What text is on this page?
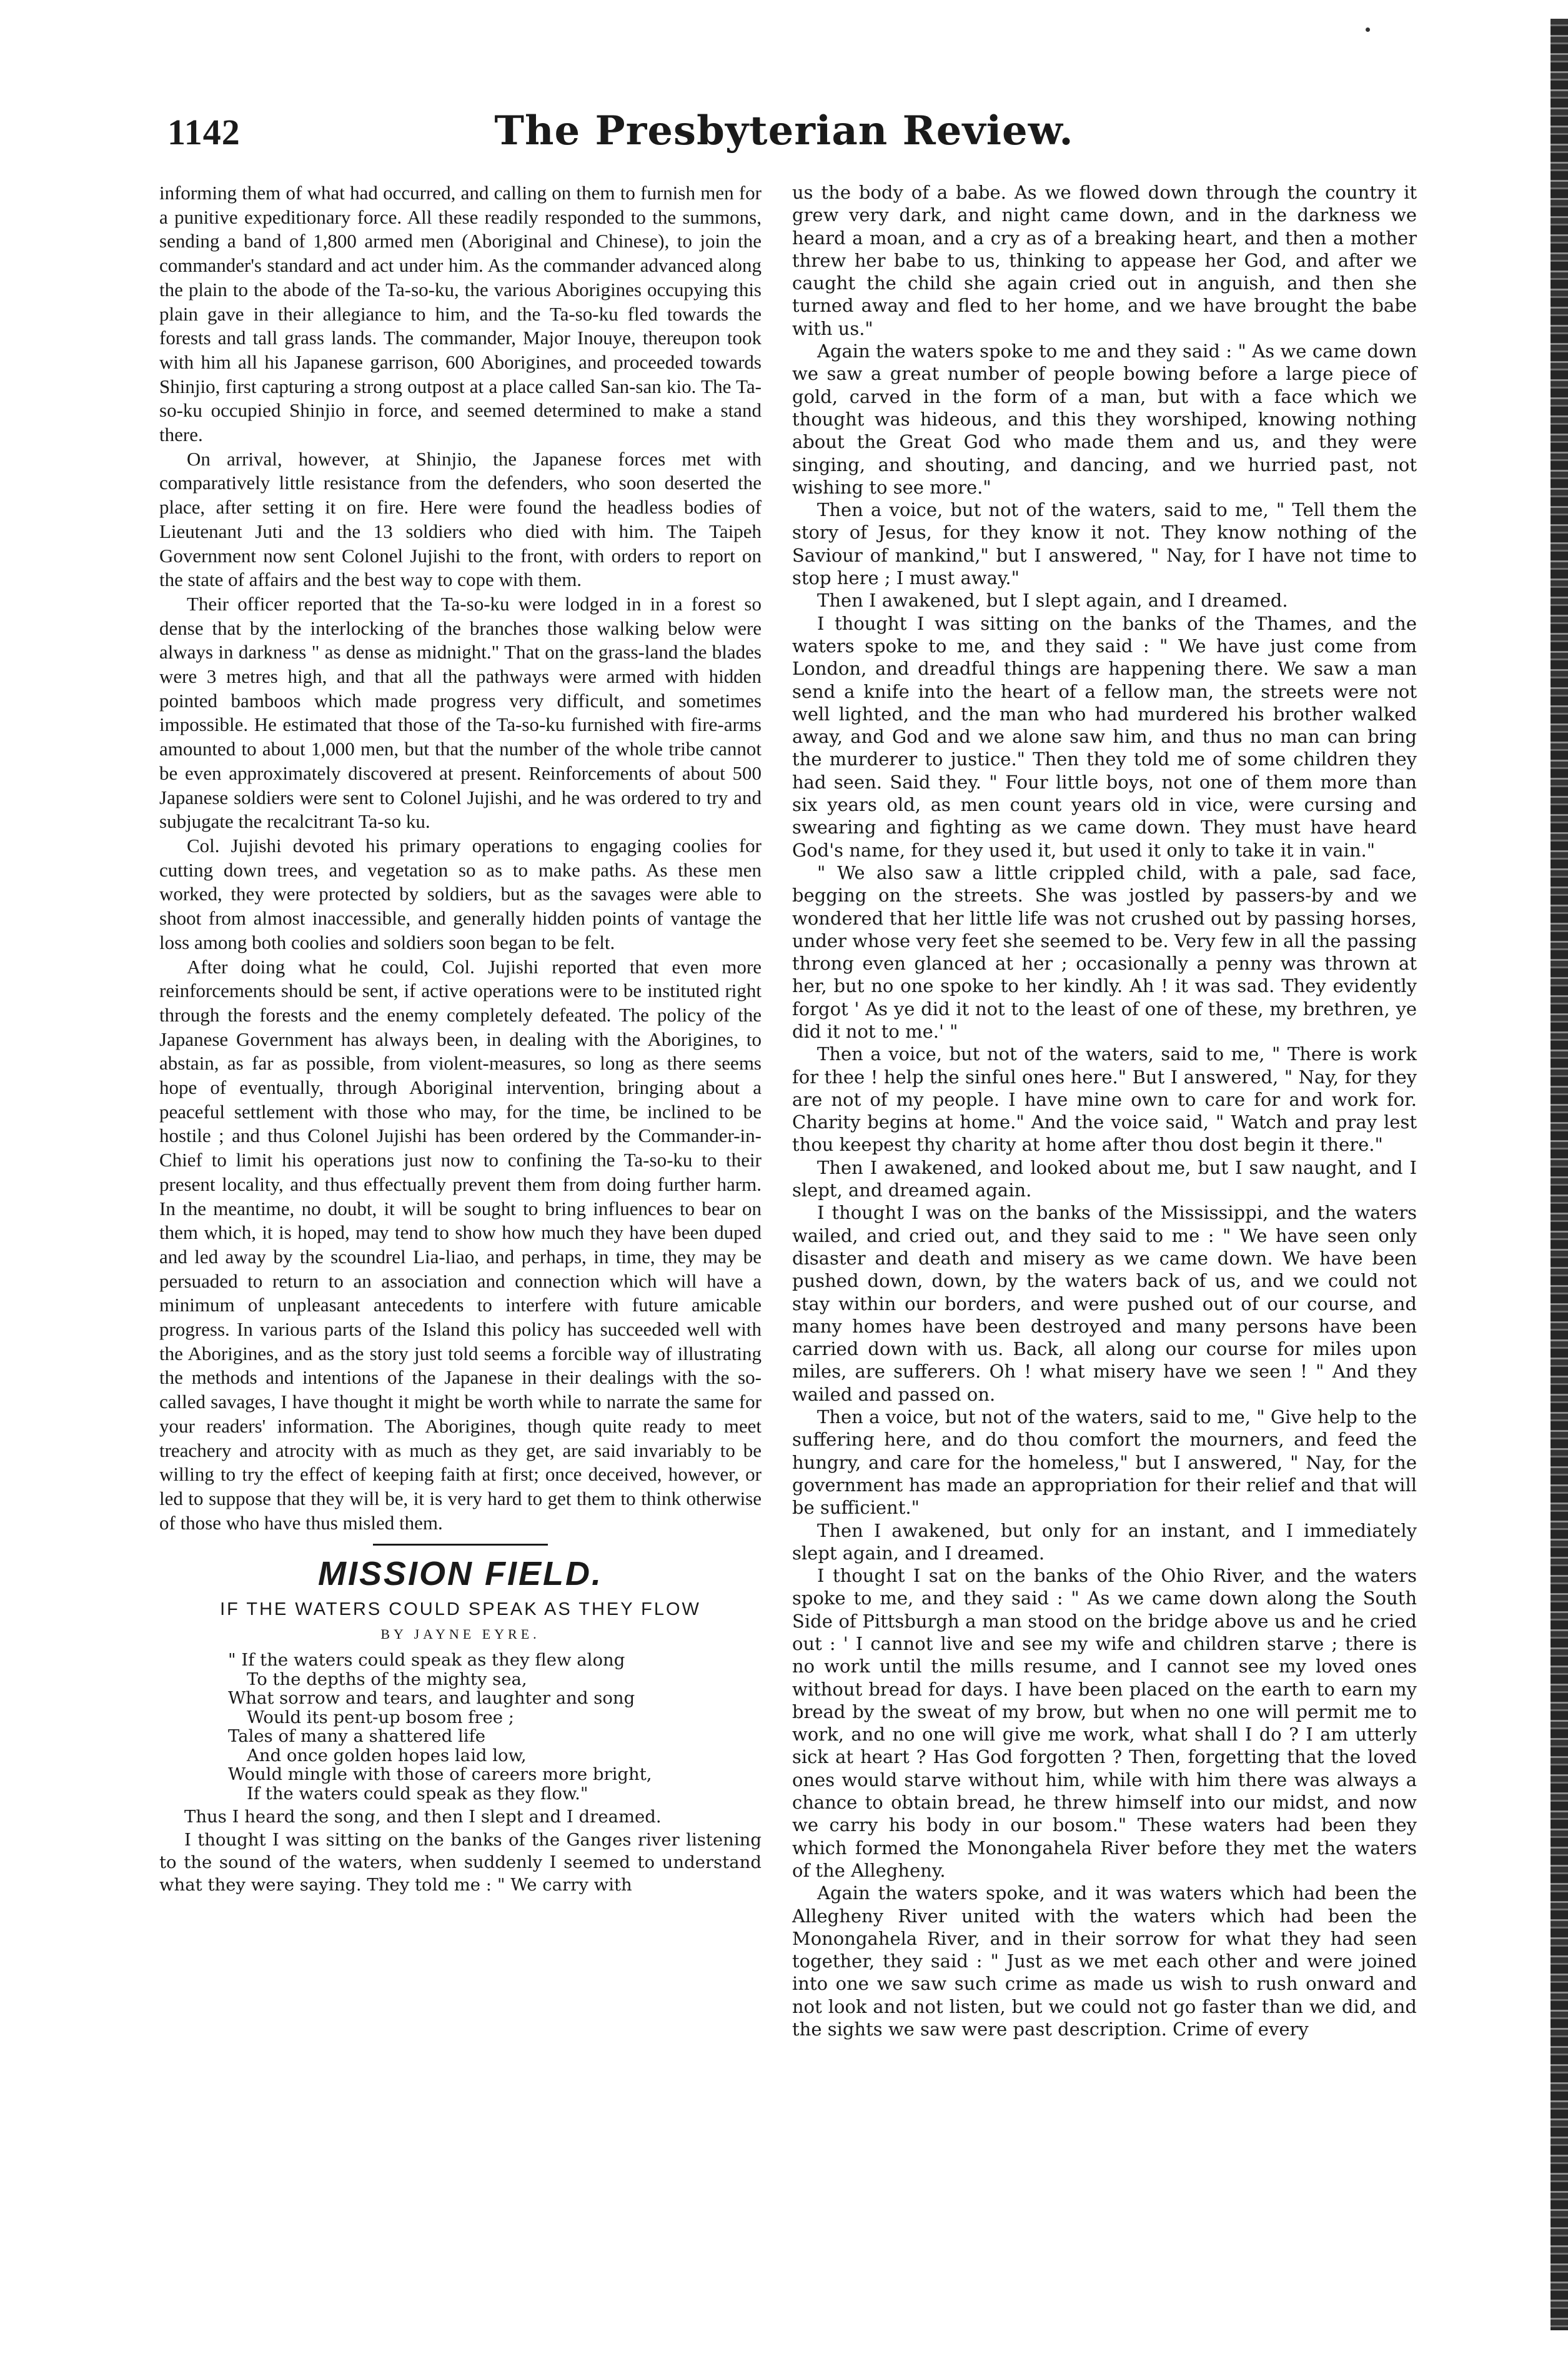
1142	The Presbyterian Review.

informing them of what had occurred, and calling on them to furnish men for a punitive expeditionary force. All these readily responded to the summons, sending a band of 1,800 armed men (Aboriginal and Chinese), to join the commander's standard and act under him. As the commander advanced along the plain to the abode of the Ta-so-ku, the various Aborigines occupying this plain gave in their allegiance to him, and the Ta-so-ku fled towards the forests and tall grass lands. The commander, Major Inouye, thereupon took with him all his Japanese garrison, 600 Aborigines, and proceeded towards Shinjio, first capturing a strong outpost at a place called San-san kio. The Ta-so-ku occupied Shinjio in force, and seemed determined to make a stand there.

On arrival, however, at Shinjio, the Japanese forces met with comparatively little resistance from the defenders, who soon deserted the place, after setting it on fire. Here were found the headless bodies of Lieutenant Juti and the 13 soldiers who died with him. The Taipeh Government now sent Colonel Jujishi to the front, with orders to report on the state of affairs and the best way to cope with them.

Their officer reported that the Ta-so-ku were lodged in in a forest so dense that by the interlocking of the branches those walking below were always in darkness " as dense as midnight." That on the grass-land the blades were 3 metres high, and that all the pathways were armed with hidden pointed bamboos which made progress very difficult, and sometimes impossible. He estimated that those of the Ta-so-ku furnished with fire-arms amounted to about 1,000 men, but that the number of the whole tribe cannot be even approximately discovered at present. Reinforcements of about 500 Japanese soldiers were sent to Colonel Jujishi, and he was ordered to try and subjugate the recalcitrant Ta-so ku.

Col. Jujishi devoted his primary operations to engaging coolies for cutting down trees, and vegetation so as to make paths. As these men worked, they were protected by soldiers, but as the savages were able to shoot from almost inaccessible, and generally hidden points of vantage the loss among both coolies and soldiers soon began to be felt.

After doing what he could, Col. Jujishi reported that even more reinforcements should be sent, if active operations were to be instituted right through the forests and the enemy completely defeated. The policy of the Japanese Government has always been, in dealing with the Aborigines, to abstain, as far as possible, from violent-measures, so long as there seems hope of eventually, through Aboriginal intervention, bringing about a peaceful settlement with those who may, for the time, be inclined to be hostile ; and thus Colonel Jujishi has been ordered by the Commander-in-Chief to limit his operations just now to confining the Ta-so-ku to their present locality, and thus effectually prevent them from doing further harm. In the meantime, no doubt, it will be sought to bring influences to bear on them which, it is hoped, may tend to show how much they have been duped and led away by the scoundrel Lia-liao, and perhaps, in time, they may be persuaded to return to an association and connection which will have a minimum of unpleasant antecedents to interfere with future amicable progress. In various parts of the Island this policy has succeeded well with the Aborigines, and as the story just told seems a forcible way of illustrating the methods and intentions of the Japanese in their dealings with the so-called savages, I have thought it might be worth while to narrate the same for your readers' information. The Aborigines, though quite ready to meet treachery and atrocity with as much as they get, are said invariably to be willing to try the effect of keeping faith at first; once deceived, however, or led to suppose that they will be, it is very hard to get them to think otherwise of those who have thus misled them.

MISSION FIELD.
IF THE WATERS COULD SPEAK AS THEY FLOW
BY JAYNE EYRE.
" If the waters could speak as they flew along
To the depths of the mighty sea,
What sorrow and tears, and laughter and song
Would its pent-up bosom free ;
Tales of many a shattered life
And once golden hopes laid low,
Would mingle with those of careers more bright,
If the waters could speak as they flow."

Thus I heard the song, and then I slept and I dreamed.

I thought I was sitting on the banks of the Ganges river listening to the sound of the waters, when suddenly I seemed to understand what they were saying. They told me : " We carry with

us the body of a babe. As we flowed down through the country it grew very dark, and night came down, and in the darkness we heard a moan, and a cry as of a breaking heart, and then a mother threw her babe to us, thinking to appease her God, and after we caught the child she again cried out in anguish, and then she turned away and fled to her home, and we have brought the babe with us."

Again the waters spoke to me and they said : " As we came down we saw a great number of people bowing before a large piece of gold, carved in the form of a man, but with a face which we thought was hideous, and this they worshiped, knowing nothing about the Great God who made them and us, and they were singing, and shouting, and dancing, and we hurried past, not wishing to see more."

Then a voice, but not of the waters, said to me, " Tell them the story of Jesus, for they know it not. They know nothing of the Saviour of mankind," but I answered, " Nay, for I have not time to stop here ; I must away."

Then I awakened, but I slept again, and I dreamed.

I thought I was sitting on the banks of the Thames, and the waters spoke to me, and they said : " We have just come from London, and dreadful things are happening there. We saw a man send a knife into the heart of a fellow man, the streets were not well lighted, and the man who had murdered his brother walked away, and God and we alone saw him, and thus no man can bring the murderer to justice." Then they told me of some children they had seen. Said they. " Four little boys, not one of them more than six years old, as men count years old in vice, were cursing and swearing and fighting as we came down. They must have heard God's name, for they used it, but used it only to take it in vain."

" We also saw a little crippled child, with a pale, sad face, begging on the streets. She was jostled by passers-by and we wondered that her little life was not crushed out by passing horses, under whose very feet she seemed to be. Very few in all the passing throng even glanced at her ; occasionally a penny was thrown at her, but no one spoke to her kindly. Ah ! it was sad. They evidently forgot ' As ye did it not to the least of one of these, my brethren, ye did it not to me.' "

Then a voice, but not of the waters, said to me, " There is work for thee ! help the sinful ones here." But I answered, " Nay, for they are not of my people. I have mine own to care for and work for. Charity begins at home." And the voice said, " Watch and pray lest thou keepest thy charity at home after thou dost begin it there."

Then I awakened, and looked about me, but I saw naught, and I slept, and dreamed again.

I thought I was on the banks of the Mississippi, and the waters wailed, and cried out, and they said to me : " We have seen only disaster and death and misery as we came down. We have been pushed down, down, by the waters back of us, and we could not stay within our borders, and were pushed out of our course, and many homes have been destroyed and many persons have been carried down with us. Back, all along our course for miles upon miles, are sufferers. Oh ! what misery have we seen ! " And they wailed and passed on.

Then a voice, but not of the waters, said to me, " Give help to the suffering here, and do thou comfort the mourners, and feed the hungry, and care for the homeless," but I answered, " Nay, for the government has made an appropriation for their relief and that will be sufficient."

Then I awakened, but only for an instant, and I immediately slept again, and I dreamed.

I thought I sat on the banks of the Ohio River, and the waters spoke to me, and they said : " As we came down along the South Side of Pittsburgh a man stood on the bridge above us and he cried out : ' I cannot live and see my wife and children starve ; there is no work until the mills resume, and I cannot see my loved ones without bread for days. I have been placed on the earth to earn my bread by the sweat of my brow, but when no one will permit me to work, and no one will give me work, what shall I do ? I am utterly sick at heart ? Has God forgotten ? Then, forgetting that the loved ones would starve without him, while with him there was always a chance to obtain bread, he threw himself into our midst, and now we carry his body in our bosom." These waters had been they which formed the Monongahela River before they met the waters of the Allegheny.

Again the waters spoke, and it was waters which had been the Allegheny River united with the waters which had been the Monongahela River, and in their sorrow for what they had seen together, they said : " Just as we met each other and were joined into one we saw such crime as made us wish to rush onward and not look and not listen, but we could not go faster than we did, and the sights we saw were past description. Crime of every
